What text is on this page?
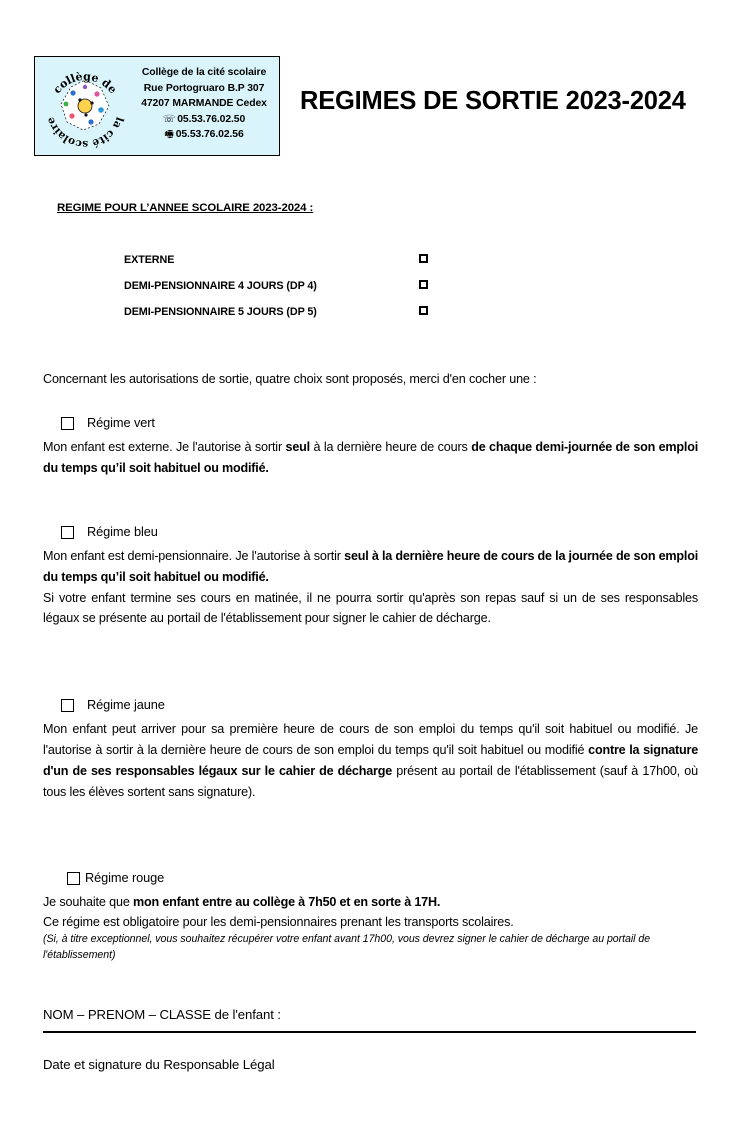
collège de
la cité scolaire
Collège de la cité scolaire
Rue Portogruaro B.P 307
47207 MARMANDE Cedex
☏ 05.53.76.02.50
🖷 05.53.76.02.56
REGIMES DE SORTIE 2023-2024
REGIME POUR L’ANNEE SCOLAIRE 2023-2024 :
EXTERNE
DEMI-PENSIONNAIRE 4 JOURS (DP 4)
DEMI-PENSIONNAIRE 5 JOURS (DP 5)
Concernant les autorisations de sortie, quatre choix sont proposés, merci d'en cocher une :
Régime vert
Mon enfant est externe. Je l'autorise à sortir seul à la dernière heure de cours de chaque demi-journée de son emploi du temps qu’il soit habituel ou modifié.
Régime bleu
Mon enfant est demi-pensionnaire. Je l'autorise à sortir seul à la dernière heure de cours de la journée de son emploi du temps qu’il soit habituel ou modifié.
Si votre enfant termine ses cours en matinée, il ne pourra sortir qu'après son repas sauf si un de ses responsables légaux se présente au portail de l'établissement pour signer le cahier de décharge.
Régime jaune
Mon enfant peut arriver pour sa première heure de cours de son emploi du temps qu'il soit habituel ou modifié. Je l'autorise à sortir à la dernière heure de cours de son emploi du temps qu'il soit habituel ou modifié contre la signature d'un de ses responsables légaux sur le cahier de décharge présent au portail de l'établissement (sauf à 17h00, où tous les élèves sortent sans signature).
Régime rouge
Je souhaite que mon enfant entre au collège à 7h50 et en sorte à 17H.
Ce régime est obligatoire pour les demi-pensionnaires prenant les transports scolaires.
(Si, à titre exceptionnel, vous souhaitez récupérer votre enfant avant 17h00, vous devrez signer le cahier de décharge au portail de l'établissement)
NOM – PRENOM – CLASSE de l'enfant :
Date et signature du Responsable Légal
